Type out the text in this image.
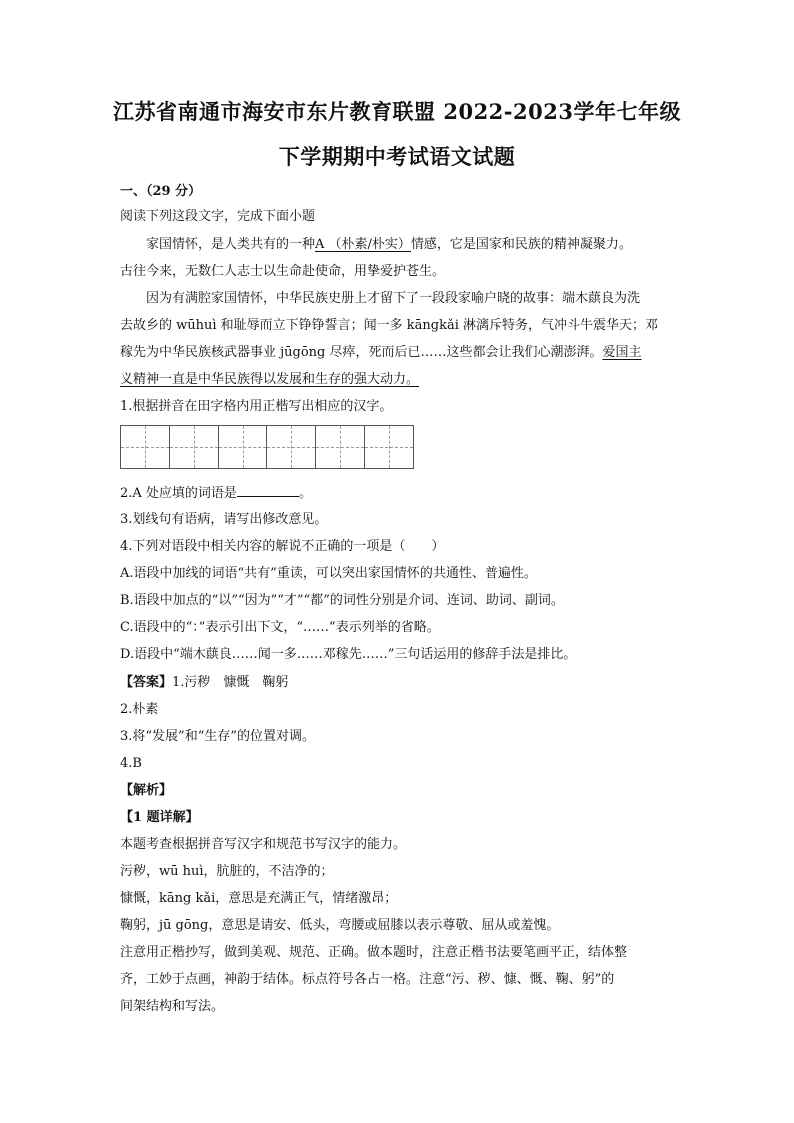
江苏省南通市海安市东片教育联盟 2022-2023学年七年级
下学期期中考试语文试题
一、（29 分）
阅读下列这段文字，完成下面小题
家国情怀，是人类共有的一种A （朴素/朴实）情感，它是国家和民族的精神凝聚力。
古往今来，无数仁人志士以生命赴使命，用挚爱护苍生。
因为有满腔家国情怀，中华民族史册上才留下了一段段家喻户晓的故事：端木蕻良为洗
去故乡的 wūhuì 和耻辱而立下铮铮誓言；闻一多 kāngkǎi 淋漓斥特务，气冲斗牛震华天；邓
稼先为中华民族核武器事业 jūgōng 尽瘁，死而后已……这些都会让我们心潮澎湃。爱国主
义精神一直是中华民族得以发展和生存的强大动力。
1.根据拼音在田字格内用正楷写出相应的汉字。
2.A 处应填的词语是	。
3.划线句有语病，请写出修改意见。
4.下列对语段中相关内容的解说不正确的一项是（　　）
A.语段中加线的词语“共有”重读，可以突出家国情怀的共通性、普遍性。
B.语段中加点的“以”“因为”“才”“都”的词性分别是介词、连词、助词、副词。
C.语段中的“：”表示引出下文，“……”表示列举的省略。
D.语段中“端木蕻良……闻一多……邓稼先……”三句话运用的修辞手法是排比。
【答案】1.污秽　慷慨　鞠躬
2.朴素
3.将“发展”和“生存”的位置对调。
4.B
【解析】
【1 题详解】
本题考查根据拼音写汉字和规范书写汉字的能力。
污秽，wū huì，肮脏的，不洁净的；
慷慨，kāng kǎi，意思是充满正气，情绪激昂；
鞠躬，jū gōng，意思是请安、低头，弯腰或屈膝以表示尊敬、屈从或羞愧。
注意用正楷抄写，做到美观、规范、正确。做本题时，注意正楷书法要笔画平正，结体整
齐，工妙于点画，神韵于结体。标点符号各占一格。注意“污、秽、慷、慨、鞠、躬”的
间架结构和写法。
